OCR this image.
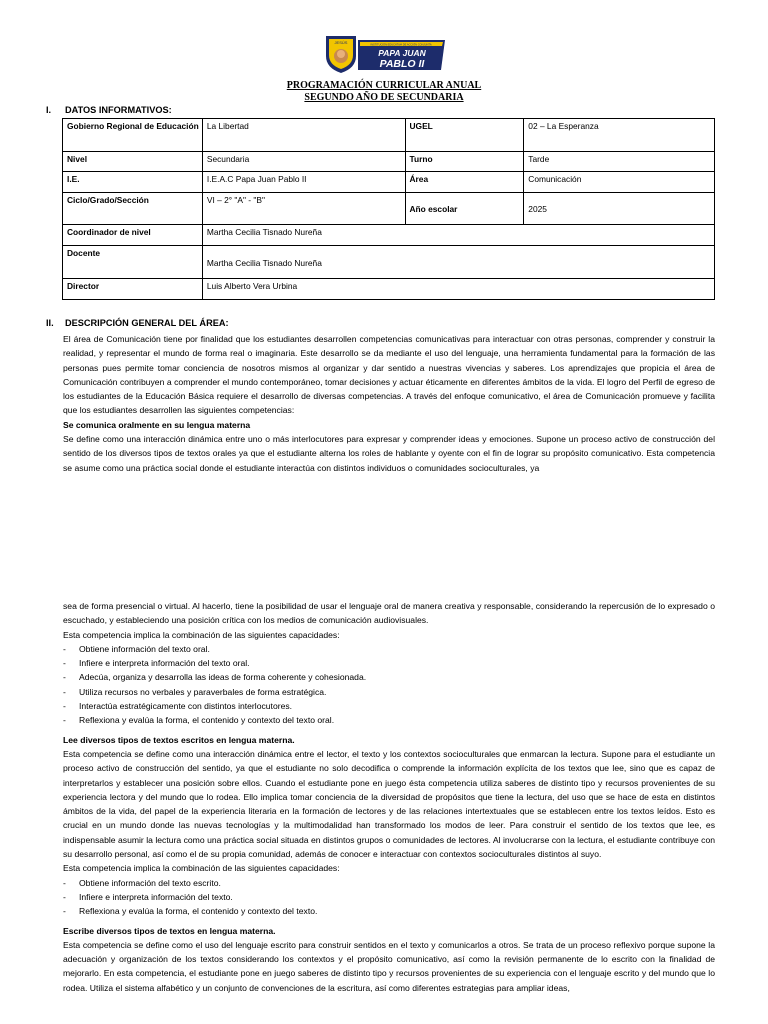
JESÚS	INSTITUCIÓN EDUCATIVA DE ACCIÓN CONJUNTA
PAPA JUAN
PABLO II
PROGRAMACIÓN CURRICULAR ANUAL
SEGUNDO AÑO DE SECUNDARIA
I. DATOS INFORMATIVOS:
Gobierno Regional de Educación	La Libertad	UGEL	02 – La Esperanza
Nivel	Secundaria	Turno	Tarde
I.E.	I.E.A.C Papa Juan Pablo II	Área	Comunicación
Ciclo/Grado/Sección	VI – 2° "A" - "B"	Año escolar	2025
Coordinador de nivel	Martha Cecilia Tisnado Nureña		
Docente	Martha Cecilia Tisnado Nureña		
Director	Luis Alberto Vera Urbina		
II. DESCRIPCIÓN GENERAL DEL ÁREA:

El área de Comunicación tiene por finalidad que los estudiantes desarrollen competencias comunicativas para interactuar con otras personas, comprender y construir la realidad, y representar el mundo de forma real o imaginaria. Este desarrollo se da mediante el uso del lenguaje, una herramienta fundamental para la formación de las personas pues permite tomar conciencia de nosotros mismos al organizar y dar sentido a nuestras vivencias y saberes. Los aprendizajes que propicia el área de Comunicación contribuyen a comprender el mundo contemporáneo, tomar decisiones y actuar éticamente en diferentes ámbitos de la vida. El logro del Perfil de egreso de los estudiantes de la Educación Básica requiere el desarrollo de diversas competencias. A través del enfoque comunicativo, el área de Comunicación promueve y facilita que los estudiantes desarrollen las siguientes competencias:

Se comunica oralmente en su lengua materna

Se define como una interacción dinámica entre uno o más interlocutores para expresar y comprender ideas y emociones. Supone un proceso activo de construcción del sentido de los diversos tipos de textos orales ya que el estudiante alterna los roles de hablante y oyente con el fin de lograr su propósito comunicativo. Esta competencia se asume como una práctica social donde el estudiante interactúa con distintos individuos o comunidades socioculturales, ya

sea de forma presencial o virtual. Al hacerlo, tiene la posibilidad de usar el lenguaje oral de manera creativa y responsable, considerando la repercusión de lo expresado o escuchado, y estableciendo una posición crítica con los medios de comunicación audiovisuales.

Esta competencia implica la combinación de las siguientes capacidades:

- Obtiene información del texto oral.
- Infiere e interpreta información del texto oral.
- Adecúa, organiza y desarrolla las ideas de forma coherente y cohesionada.
- Utiliza recursos no verbales y paraverbales de forma estratégica.
- Interactúa estratégicamente con distintos interlocutores.
- Reflexiona y evalúa la forma, el contenido y contexto del texto oral.

Lee diversos tipos de textos escritos en lengua materna.

Esta competencia se define como una interacción dinámica entre el lector, el texto y los contextos socioculturales que enmarcan la lectura. Supone para el estudiante un proceso activo de construcción del sentido, ya que el estudiante no solo decodifica o comprende la información explícita de los textos que lee, sino que es capaz de interpretarlos y establecer una posición sobre ellos. Cuando el estudiante pone en juego ésta competencia utiliza saberes de distinto tipo y recursos provenientes de su experiencia lectora y del mundo que lo rodea. Ello implica tomar conciencia de la diversidad de propósitos que tiene la lectura, del uso que se hace de esta en distintos ámbitos de la vida, del papel de la experiencia literaria en la formación de lectores y de las relaciones intertextuales que se establecen entre los textos leídos. Esto es crucial en un mundo donde las nuevas tecnologías y la multimodalidad han transformado los modos de leer. Para construir el sentido de los textos que lee, es indispensable asumir la lectura como una práctica social situada en distintos grupos o comunidades de lectores. Al involucrarse con la lectura, el estudiante contribuye con su desarrollo personal, así como el de su propia comunidad, además de conocer e interactuar con contextos socioculturales distintos al suyo.

Esta competencia implica la combinación de las siguientes capacidades:

- Obtiene información del texto escrito.
- Infiere e interpreta información del texto.
- Reflexiona y evalúa la forma, el contenido y contexto del texto.

Escribe diversos tipos de textos en lengua materna.

Esta competencia se define como el uso del lenguaje escrito para construir sentidos en el texto y comunicarlos a otros. Se trata de un proceso reflexivo porque supone la adecuación y organización de los textos considerando los contextos y el propósito comunicativo, así como la revisión permanente de lo escrito con la finalidad de mejorarlo. En esta competencia, el estudiante pone en juego saberes de distinto tipo y recursos provenientes de su experiencia con el lenguaje escrito y del mundo que lo rodea. Utiliza el sistema alfabético y un conjunto de convenciones de la escritura, así como diferentes estrategias para ampliar ideas,
